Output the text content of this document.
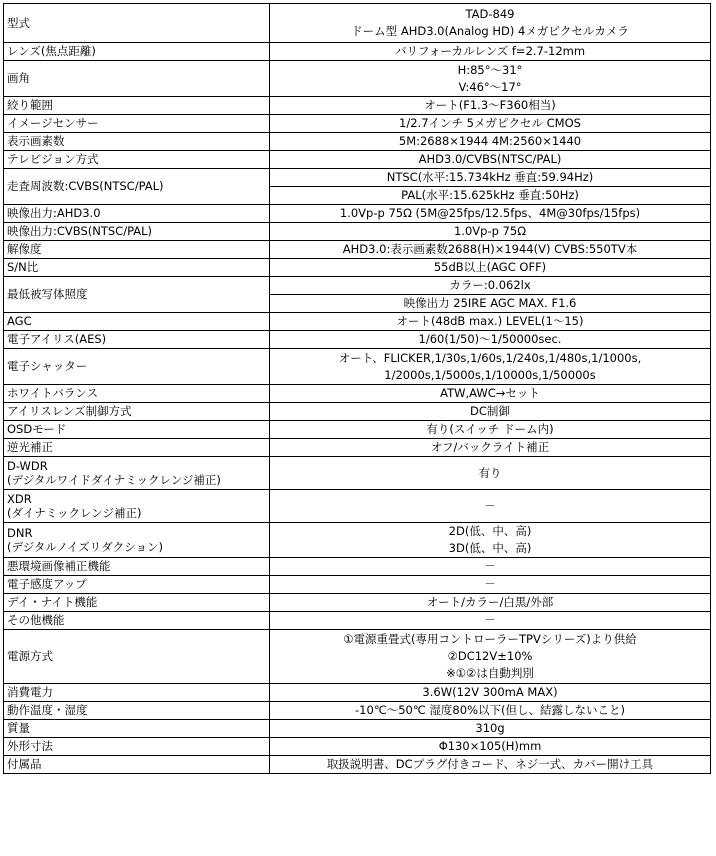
型式	TAD-849
ドーム型 AHD3.0(Analog HD) 4メガピクセルカメラ

レンズ(焦点距離)	バリフォーカルレンズ f=2.7-12mm

画角	H:85°～31°
V:46°～17°

絞り範囲	オート(F1.3～F360相当)

イメージセンサー	1/2.7インチ 5メガピクセル CMOS

表示画素数	5M:2688×1944 4M:2560×1440

テレビジョン方式	AHD3.0/CVBS(NTSC/PAL)

走査周波数:CVBS(NTSC/PAL)	NTSC(水平:15.734kHz 垂直:59.94Hz)

	PAL(水平:15.625kHz 垂直:50Hz)

映像出力:AHD3.0	1.0Vp-p 75Ω (5M@25fps/12.5fps、4M@30fps/15fps)

映像出力:CVBS(NTSC/PAL)	1.0Vp-p 75Ω

解像度	AHD3.0:表示画素数2688(H)×1944(V) CVBS:550TV本

S/N比	55dB以上(AGC OFF)

最低被写体照度	カラー:0.062lx

	映像出力 25IRE AGC MAX. F1.6

AGC	オート(48dB max.) LEVEL(1～15)

電子アイリス(AES)	1/60(1/50)～1/50000sec.

電子シャッター	オート、FLICKER,1/30s,1/60s,1/240s,1/480s,1/1000s,
1/2000s,1/5000s,1/10000s,1/50000s

ホワイトバランス	ATW,AWC→セット

アイリスレンズ制御方式	DC制御

OSDモード	有り(スイッチ ドーム内)

逆光補正	オフ/バックライト補正

D-WDR
(デジタルワイドダイナミックレンジ補正)	有り

XDR
(ダイナミックレンジ補正)	－

DNR
(デジタルノイズリダクション)	2D(低、中、高)
3D(低、中、高)

悪環境画像補正機能	－

電子感度アップ	－

デイ・ナイト機能	オート/カラー/白黒/外部

その他機能	－

電源方式	①電源重畳式(専用コントローラーTPVシリーズ)より供給
②DC12V±10%
※①②は自動判別

消費電力	3.6W(12V 300mA MAX)

動作温度・湿度	-10℃～50℃ 湿度80%以下(但し、結露しないこと)

質量	310g

外形寸法	Φ130×105(H)mm

付属品	取扱説明書、DCプラグ付きコード、ネジ一式、カバー開け工具
